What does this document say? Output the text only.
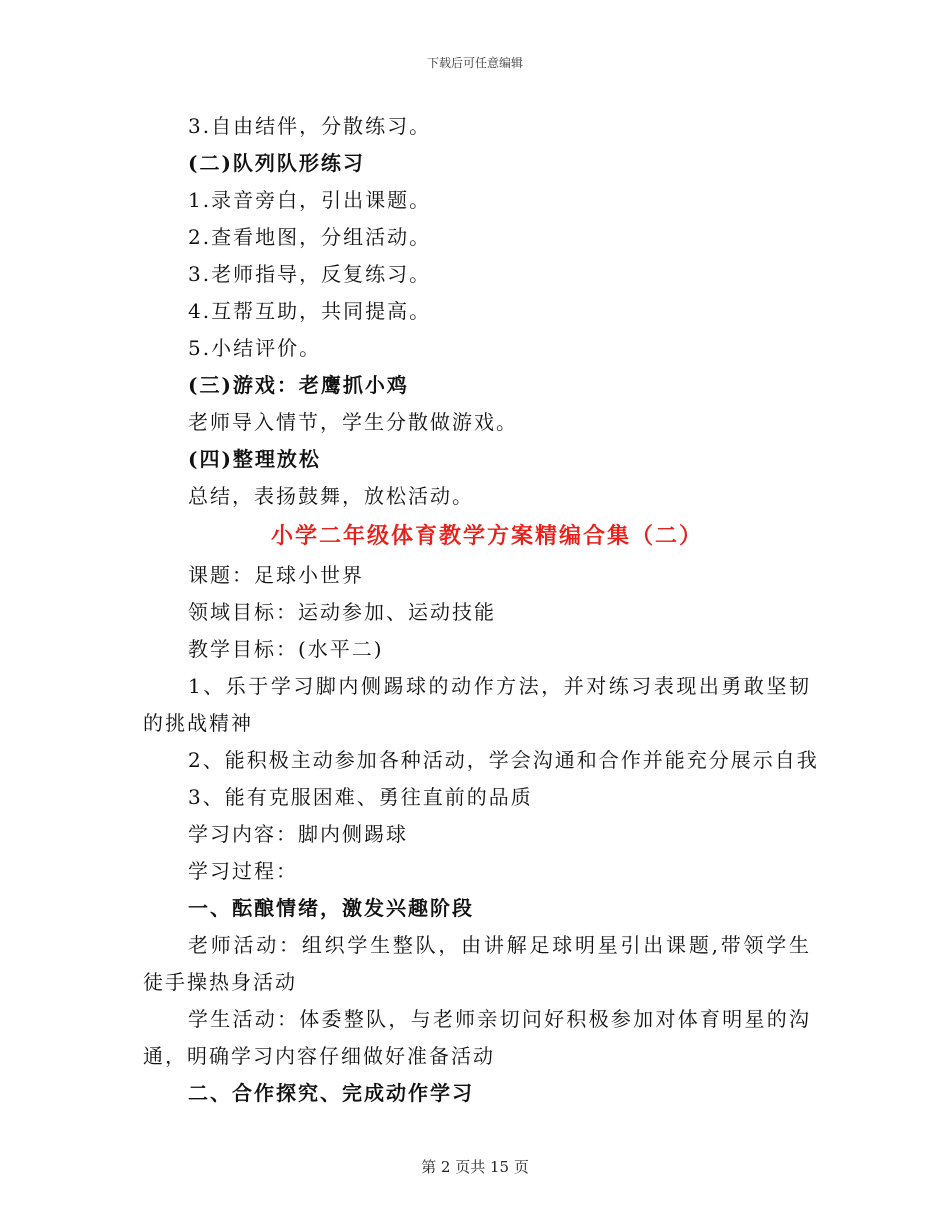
下载后可任意编辑
3.自由结伴，分散练习。
(二)队列队形练习
1.录音旁白，引出课题。
2.查看地图，分组活动。
3.老师指导，反复练习。
4.互帮互助，共同提高。
5.小结评价。
(三)游戏：老鹰抓小鸡
老师导入情节，学生分散做游戏。
(四)整理放松
总结，表扬鼓舞，放松活动。
小学二年级体育教学方案精编合集（二）
课题：足球小世界
领域目标：运动参加、运动技能
教学目标：(水平二)
1、乐于学习脚内侧踢球的动作方法，并对练习表现出勇敢坚韧的挑战精神
2、能积极主动参加各种活动，学会沟通和合作并能充分展示自我
3、能有克服困难、勇往直前的品质
学习内容：脚内侧踢球
学习过程：
一、酝酿情绪，激发兴趣阶段
老师活动：组织学生整队，由讲解足球明星引出课题,带领学生徒手操热身活动
学生活动：体委整队，与老师亲切问好积极参加对体育明星的沟通，明确学习内容仔细做好准备活动
二、合作探究、完成动作学习
第 2 页共 15 页
